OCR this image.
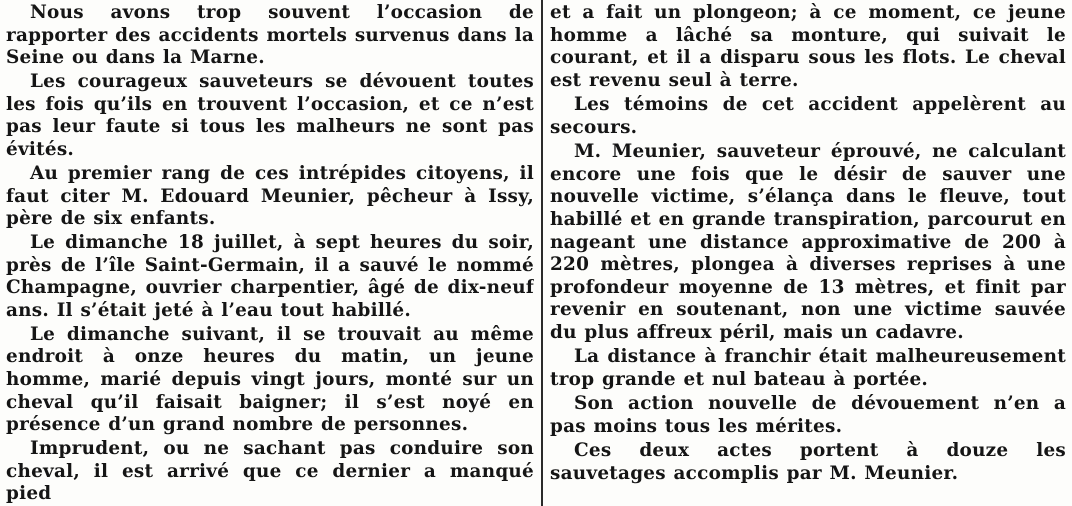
Nous avons trop souvent l’occasion de rapporter des accidents mortels survenus dans la Seine ou dans la Marne.

Les courageux sauveteurs se dévouent toutes les fois qu’ils en trouvent l’occasion, et ce n’est pas leur faute si tous les malheurs ne sont pas évités.

Au premier rang de ces intrépides citoyens, il faut citer M. Edouard Meunier, pêcheur à Issy, père de six enfants.

Le dimanche 18 juillet, à sept heures du soir, près de l’île Saint-Germain, il a sauvé le nommé Champagne, ouvrier charpentier, âgé de dix-neuf ans. Il s’était jeté à l’eau tout habillé.

Le dimanche suivant, il se trouvait au même endroit à onze heures du matin, un jeune homme, marié depuis vingt jours, monté sur un cheval qu’il faisait baigner; il s’est noyé en présence d’un grand nombre de personnes.

Imprudent, ou ne sachant pas conduire son cheval, il est arrivé que ce dernier a manqué pied

et a fait un plongeon; à ce moment, ce jeune homme a lâché sa monture, qui suivait le courant, et il a disparu sous les flots. Le cheval est revenu seul à terre.

Les témoins de cet accident appelèrent au secours.

M. Meunier, sauveteur éprouvé, ne calculant encore une fois que le désir de sauver une nouvelle victime, s’élança dans le fleuve, tout habillé et en grande transpiration, parcourut en nageant une distance approximative de 200 à 220 mètres, plongea à diverses reprises à une profondeur moyenne de 13 mètres, et finit par revenir en soutenant, non une victime sauvée du plus affreux péril, mais un cadavre.

La distance à franchir était malheureusement trop grande et nul bateau à portée.

Son action nouvelle de dévouement n’en a pas moins tous les mérites.

Ces deux actes portent à douze les sauvetages accomplis par M. Meunier.
